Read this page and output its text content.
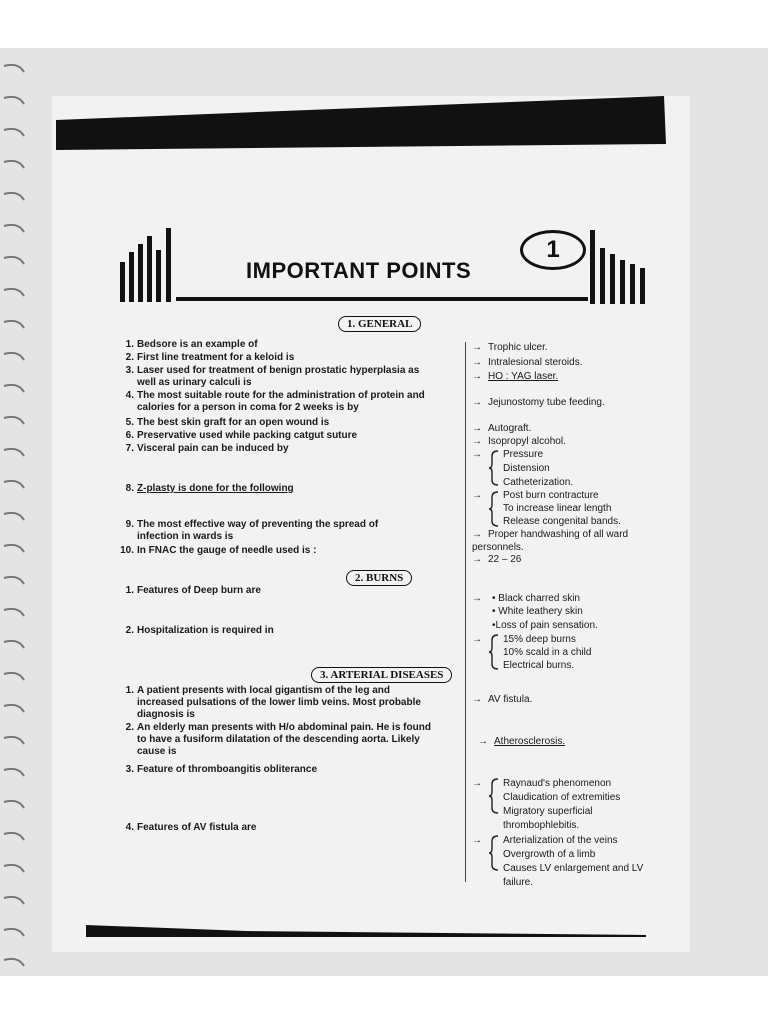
IMPORTANT POINTS
1
1. GENERAL
1. Bedsore is an example of	→ Trophic ulcer.
2. First line treatment for a keloid is	→ Intralesional steroids.
3. Laser used for treatment of benign prostatic hyperplasia as well as urinary calculi is
→ HO : YAG laser.
4. The most suitable route for the administration of protein and calories for a person in coma for 2 weeks is by	→ Jejunostomy tube feeding.
5. The best skin graft for an open wound is
→ Autograft.
6. Preservative used while packing catgut suture
→ Isopropyl alcohol.
7. Visceral pain can be induced by
→	Pressure
Distension
Catheterization.
8. Z-plasty is done for the following
→	Post burn contracture
To increase linear length
Release congenital bands.
9. The most effective way of preventing the spread of infection in wards is	→ Proper handwashing of all ward personnels.
10. In FNAC the gauge of needle used is :
→ 22 – 26
2. BURNS
1. Features of Deep burn are
→	• Black charred skin
• White leathery skin
•Loss of pain sensation.
2. Hospitalization is required in
→	15% deep burns
10% scald in a child
Electrical burns.
3. ARTERIAL DISEASES
1. A patient presents with local gigantism of the leg and increased pulsations of the lower limb veins. Most probable diagnosis is
→ AV fistula.
2. An elderly man presents with H/o abdominal pain. He is found to have a fusiform dilatation of the descending aorta. Likely cause is
→ Atherosclerosis.
3. Feature of thromboangitis obliterance
→	Raynaud's phenomenon
Claudication of extremities
Migratory superficial thrombophlebitis.
4. Features of AV fistula are
→	Arterialization of the veins
Overgrowth of a limb
Causes LV enlargement and LV failure.
